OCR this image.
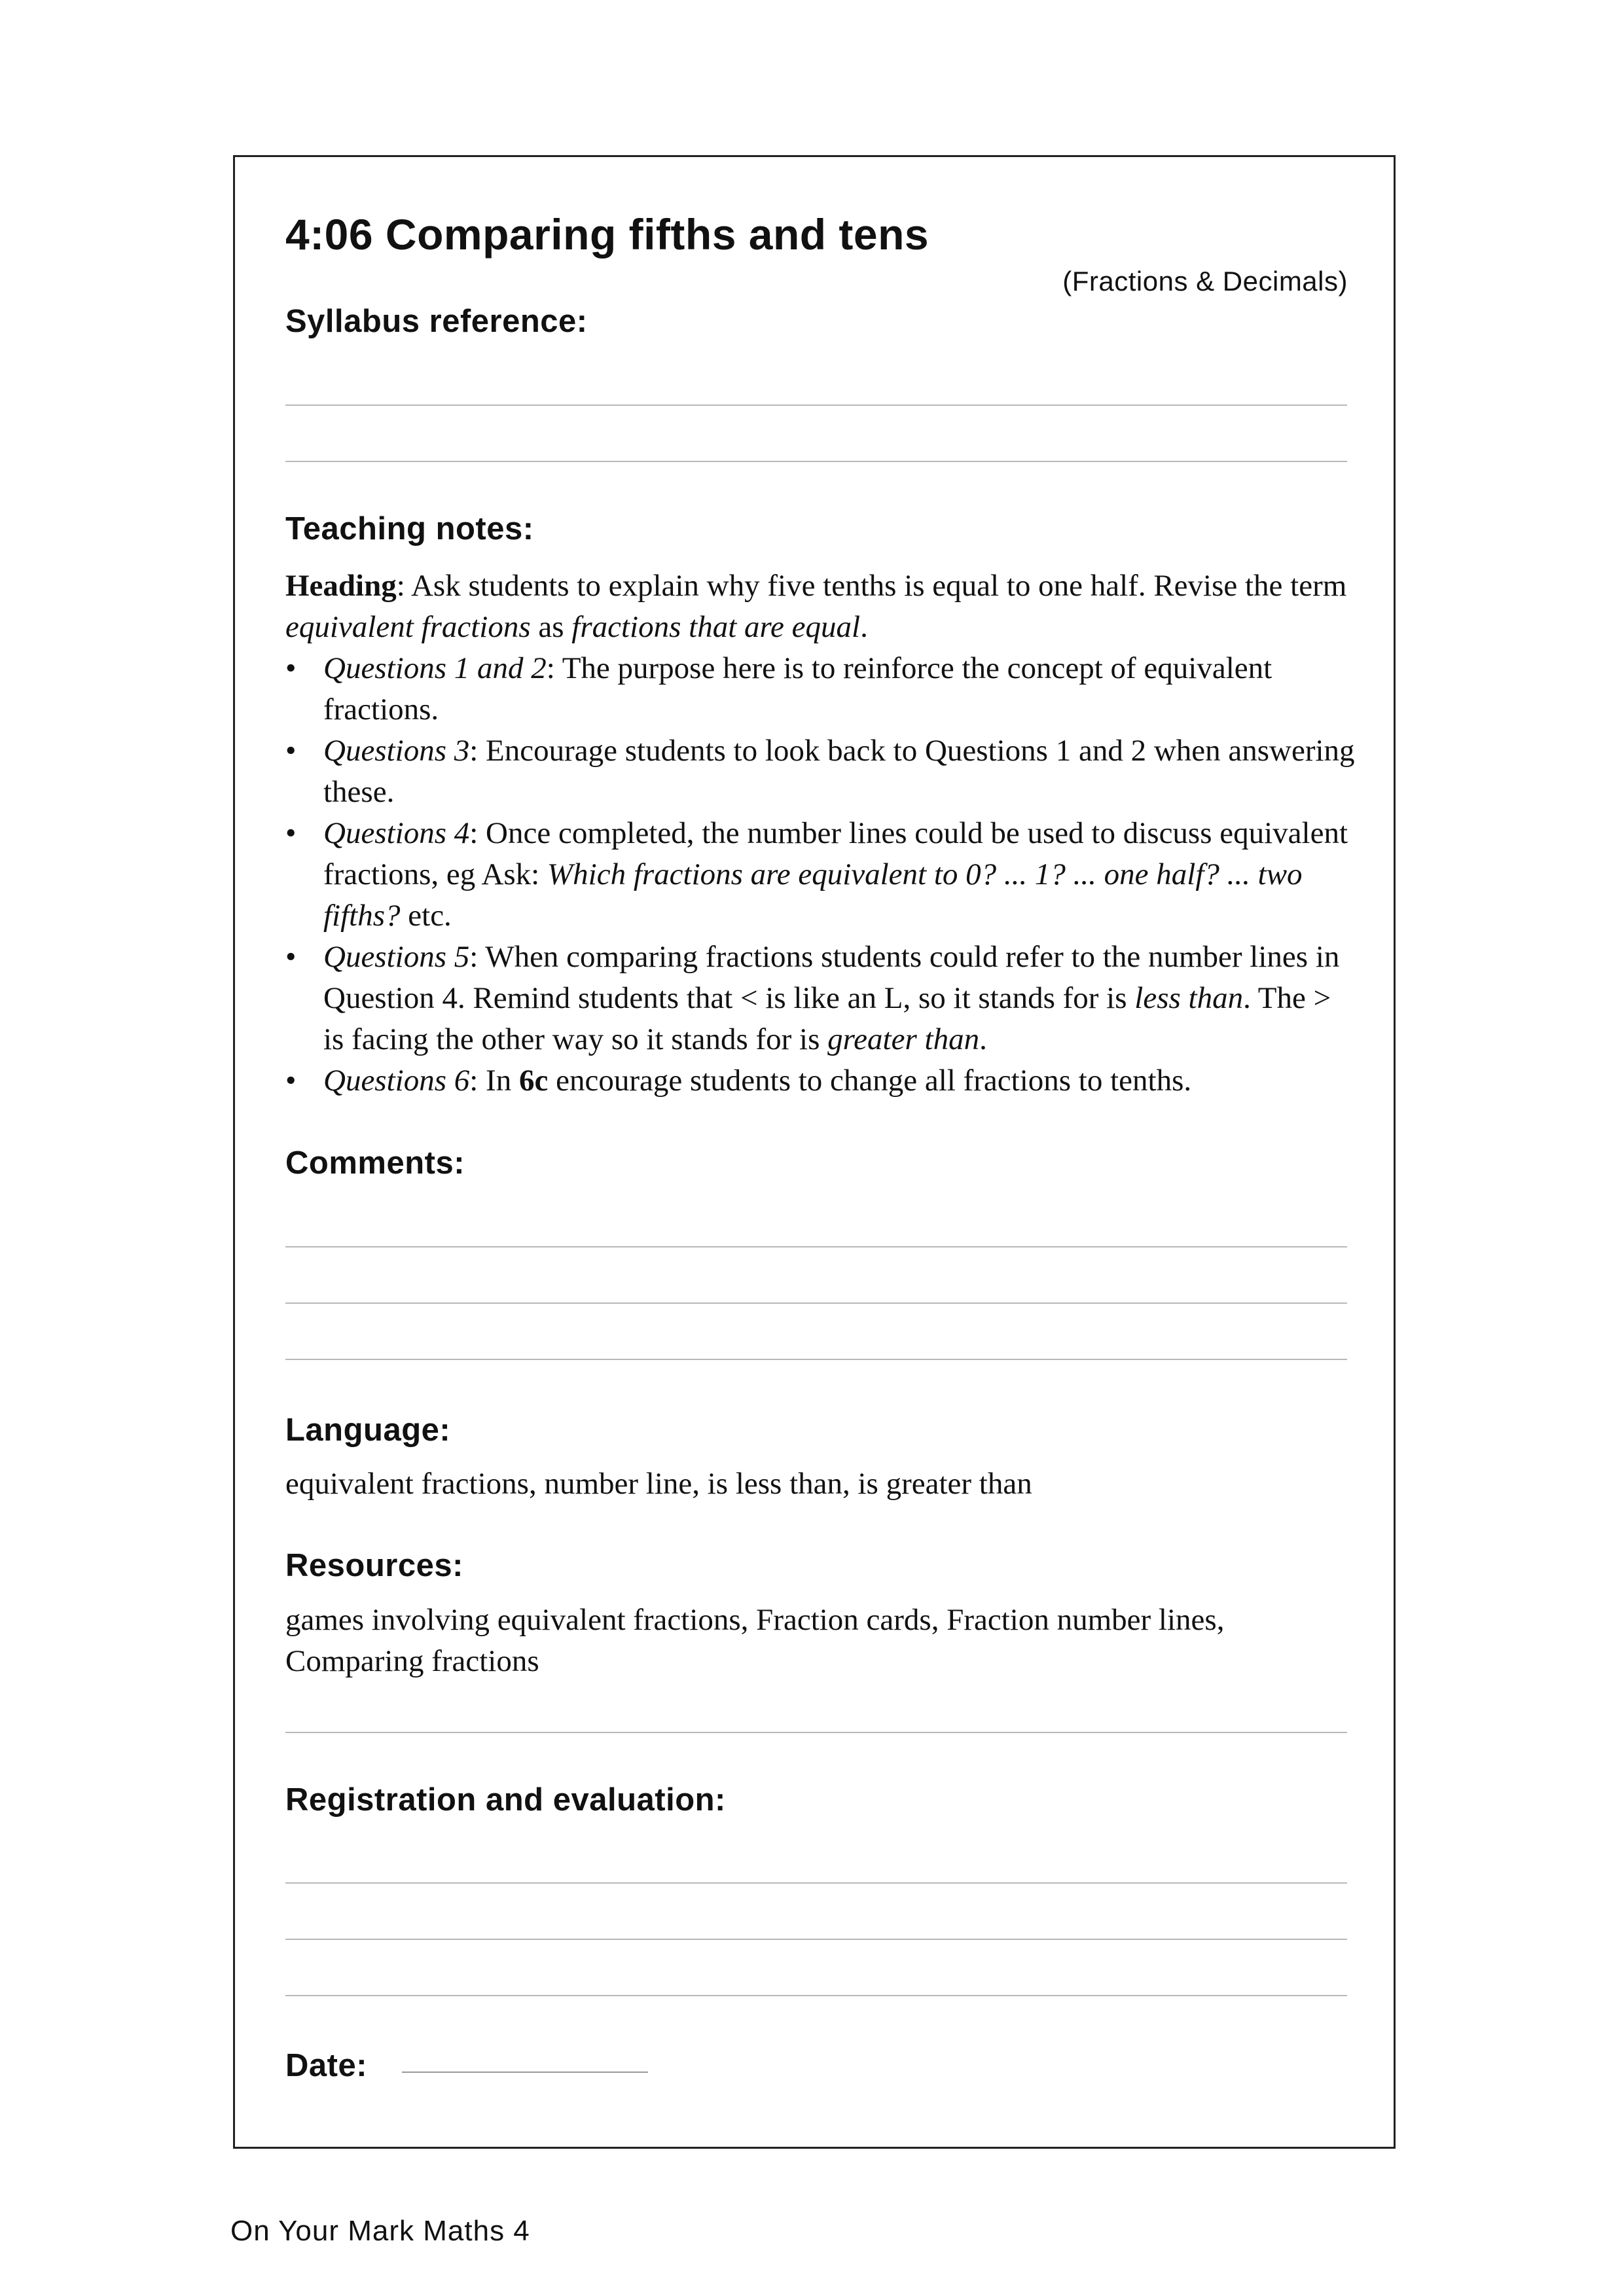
4:06 Comparing fifths and tens
(Fractions & Decimals)
Syllabus reference:
Teaching notes:

Heading: Ask students to explain why five tenths is equal to one half. Revise the term equivalent fractions as fractions that are equal.

• Questions 1 and 2: The purpose here is to reinforce the concept of equivalent fractions.
• Questions 3: Encourage students to look back to Questions 1 and 2 when answering these.
• Questions 4: Once completed, the number lines could be used to discuss equivalent fractions, eg Ask: Which fractions are equivalent to 0? ... 1? ... one half? ... two fifths? etc.
• Questions 5: When comparing fractions students could refer to the number lines in Question 4. Remind students that < is like an L, so it stands for is less than. The > is facing the other way so it stands for is greater than.
• Questions 6: In 6c encourage students to change all fractions to tenths.
Comments:
Language:
equivalent fractions, number line, is less than, is greater than
Resources:
games involving equivalent fractions, Fraction cards, Fraction number lines, Comparing fractions
Registration and evaluation:
Date:
On Your Mark Maths 4
